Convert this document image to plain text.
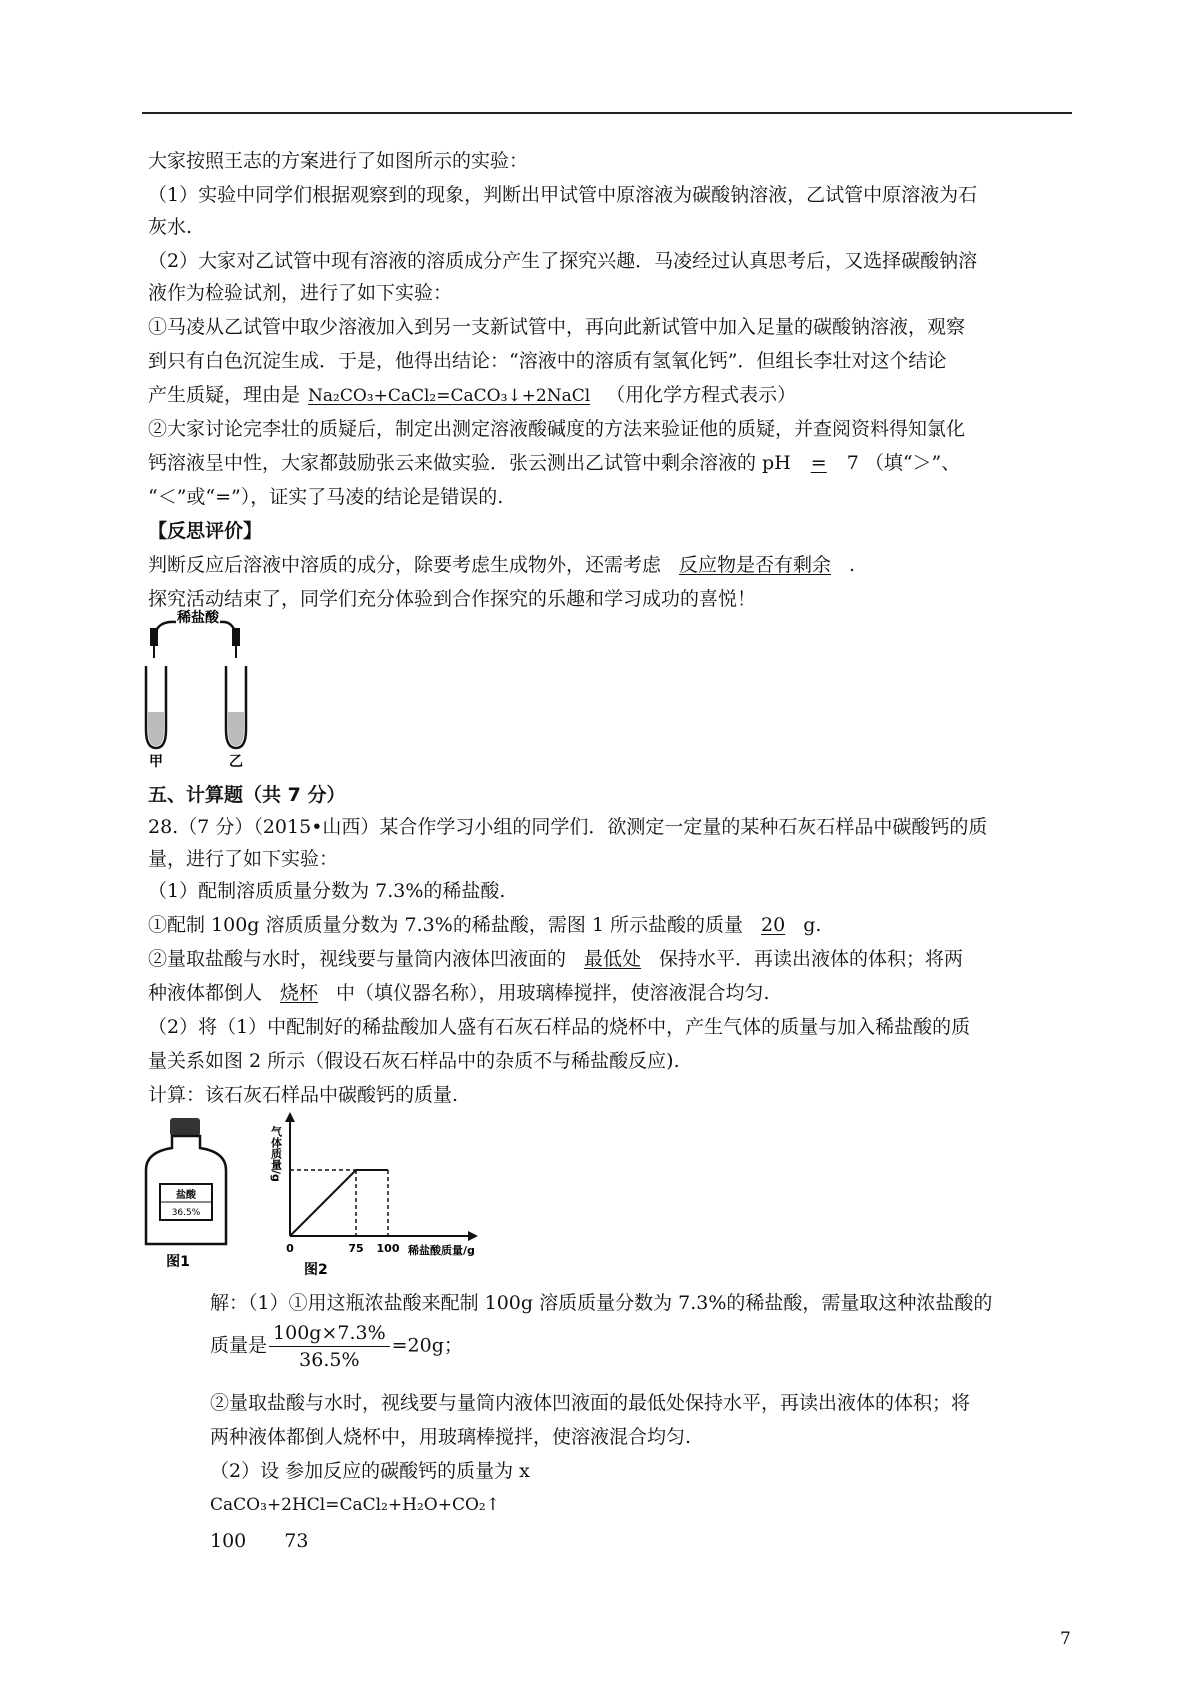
大家按照王志的方案进行了如图所示的实验：
（1）实验中同学们根据观察到的现象，判断出甲试管中原溶液为碳酸钠溶液，乙试管中原溶液为石
灰水.
（2）大家对乙试管中现有溶液的溶质成分产生了探究兴趣．马凌经过认真思考后，又选择碳酸钠溶
液作为检验试剂，进行了如下实验：
①马凌从乙试管中取少溶液加入到另一支新试管中，再向此新试管中加入足量的碳酸钠溶液，观察
到只有白色沉淀生成．于是，他得出结论：“溶液中的溶质有氢氧化钙”．但组长李壮对这个结论
产生质疑，理由是 Na₂CO₃+CaCl₂=CaCO₃↓+2NaCl （用化学方程式表示）
②大家讨论完李壮的质疑后，制定出测定溶液酸碱度的方法来验证他的质疑，并查阅资料得知氯化
钙溶液呈中性，大家都鼓励张云来做实验．张云测出乙试管中剩余溶液的 pH = 7 （填“＞”、
“＜”或“=”），证实了马凌的结论是错误的.
【反思评价】
判断反应后溶液中溶质的成分，除要考虑生成物外，还需考虑 反应物是否有剩余 .
探究活动结束了，同学们充分体验到合作探究的乐趣和学习成功的喜悦！
稀盐酸
甲	乙
五、计算题（共 7 分）
28.（7 分）（2015•山西）某合作学习小组的同学们．欲测定一定量的某种石灰石样品中碳酸钙的质
量，进行了如下实验：
（1）配制溶质质量分数为 7.3%的稀盐酸.
①配制 100g 溶质质量分数为 7.3%的稀盐酸，需图 1 所示盐酸的质量 20 g.
②量取盐酸与水时，视线要与量筒内液体凹液面的 最低处 保持水平．再读出液体的体积；将两
种液体都倒人 烧杯 中（填仪器名称），用玻璃棒搅拌，使溶液混合均匀.
（2）将（1）中配制好的稀盐酸加人盛有石灰石样品的烧杯中，产生气体的质量与加入稀盐酸的质
量关系如图 2 所示（假设石灰石样品中的杂质不与稀盐酸反应).
计算：该石灰石样品中碳酸钙的质量.
盐酸
36.5%
图1
气体质量/g
0	75 100 稀盐酸质量/g
图2
解：（1）①用这瓶浓盐酸来配制 100g 溶质质量分数为 7.3%的稀盐酸，需量取这种浓盐酸的
质量是 $\frac{100g\times 7.3\%}{36.5\%} =20g$；
②量取盐酸与水时，视线要与量筒内液体凹液面的最低处保持水平，再读出液体的体积；将
两种液体都倒人烧杯中，用玻璃棒搅拌，使溶液混合均匀.
（2）设 参加反应的碳酸钙的质量为 x
CaCO₃+2HCl=CaCl₂+H₂O+CO₂↑
100 73
7
